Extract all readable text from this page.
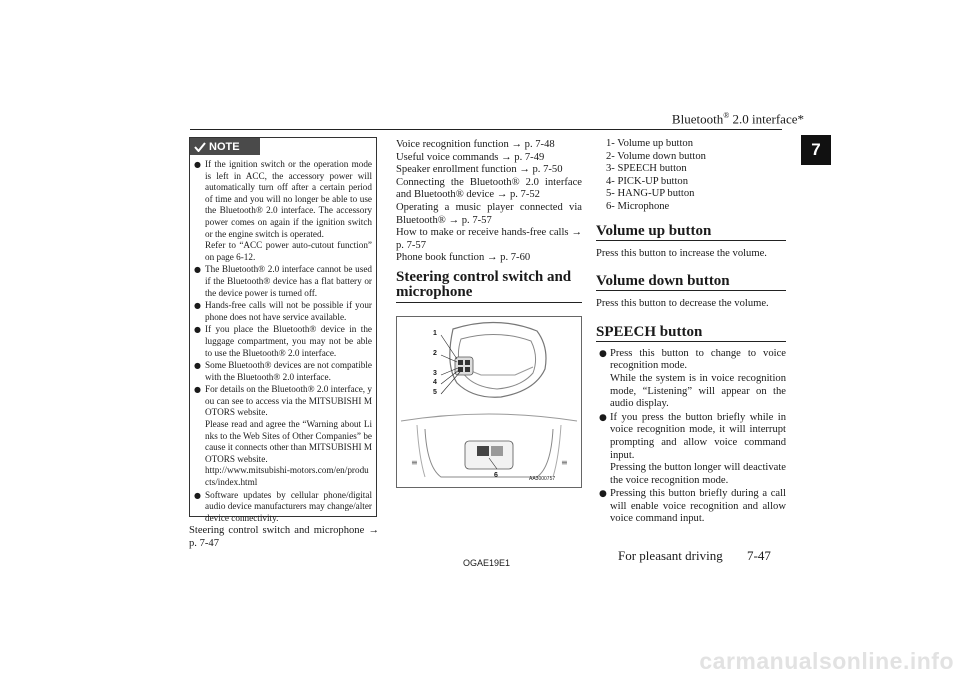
Bluetooth® 2.0 interface*
7
NOTE
● If the ignition switch or the operation mode is left in ACC, the accessory power will automatically turn off after a certain period of time and you will no longer be able to use the Bluetooth® 2.0 interface. The accessory power comes on again if the ignition switch or the engine switch is operated.
Refer to “ACC power auto-cutout function” on page 6-12.
● The Bluetooth® 2.0 interface cannot be used if the Bluetooth® device has a flat battery or the device power is turned off.
● Hands-free calls will not be possible if your phone does not have service available.
● If you place the Bluetooth® device in the luggage compartment, you may not be able to use the Bluetooth® 2.0 interface.
● Some Bluetooth® devices are not compatible with the Bluetooth® 2.0 interface.
● For details on the Bluetooth® 2.0 interface, you can see to access via the MITSUBISHI MOTORS website.
Please read and agree the “Warning about Links to the Web Sites of Other Companies” because it connects other than MITSUBISHI MOTORS website.
http://www.mitsubishi-motors.com/en/products/index.html
● Software updates by cellular phone/digital audio device manufacturers may change/alter device connectivity.
Steering control switch and microphone → p. 7-47

Voice recognition function → p. 7-48

Useful voice commands → p. 7-49

Speaker enrollment function → p. 7-50

Connecting the Bluetooth® 2.0 interface and Bluetooth® device → p. 7-52

Operating a music player connected via Bluetooth® → p. 7-57

How to make or receive hands-free calls → p. 7-57

Phone book function → p. 7-60

Steering control switch and microphone
≡	≡
1
2
3
4
5
6	AA3000757
1- Volume up button
2- Volume down button
3- SPEECH button
4- PICK-UP button
5- HANG-UP button
6- Microphone
Volume up button
Press this button to increase the volume.
Volume down button
Press this button to decrease the volume.
SPEECH button
● Press this button to change to voice recognition mode.
While the system is in voice recognition mode, “Listening” will appear on the audio display.
● If you press the button briefly while in voice recognition mode, it will interrupt prompting and allow voice command input.
Pressing the button longer will deactivate the voice recognition mode.
● Pressing this button briefly during a call will enable voice recognition and allow voice command input.
OGAE19E1	For pleasant driving 7-47
carmanualsonline.info
